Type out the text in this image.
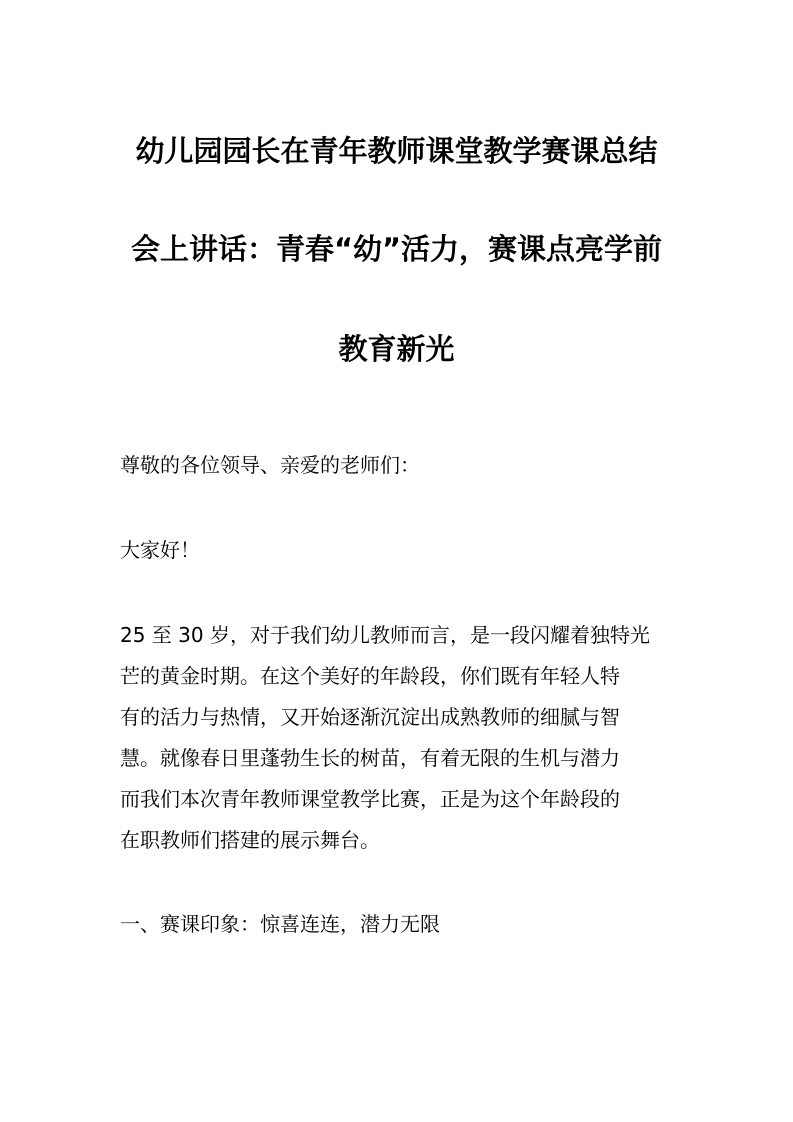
幼儿园园长在青年教师课堂教学赛课总结
会上讲话：青春“幼”活力，赛课点亮学前
教育新光
尊敬的各位领导、亲爱的老师们：
大家好！
25 至 30 岁，对于我们幼儿教师而言，是一段闪耀着独特光
芒的黄金时期。在这个美好的年龄段，你们既有年轻人特
有的活力与热情，又开始逐渐沉淀出成熟教师的细腻与智
慧。就像春日里蓬勃生长的树苗，有着无限的生机与潜力
而我们本次青年教师课堂教学比赛，正是为这个年龄段的
在职教师们搭建的展示舞台。
一、赛课印象：惊喜连连，潜力无限
